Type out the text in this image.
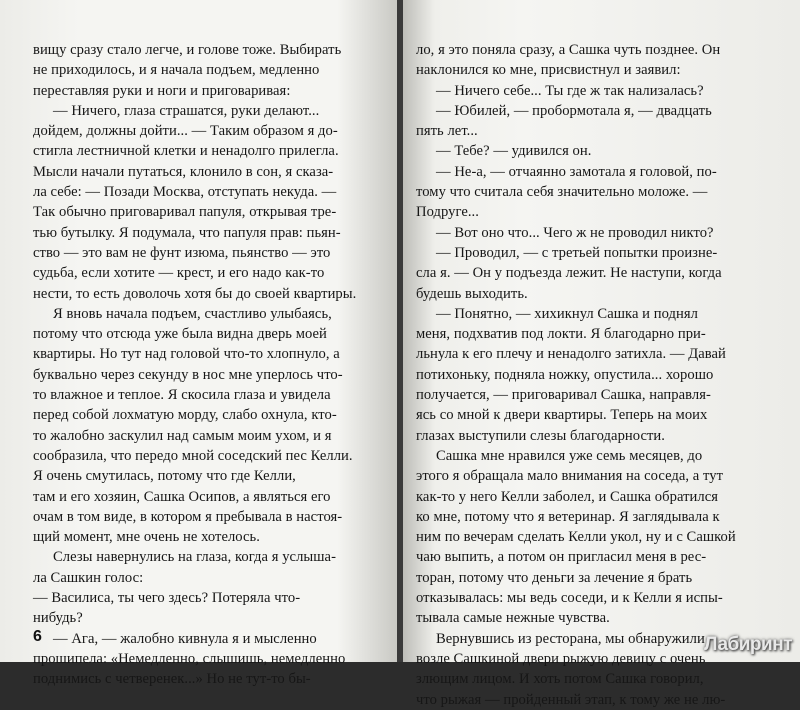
вищу сразу стало легче, и голове тоже. Выбирать
не приходилось, и я начала подъем, медленно
переставляя руки и ноги и приговаривая:
— Ничего, глаза страшатся, руки делают...
дойдем, должны дойти... — Таким образом я до-
стигла лестничной клетки и ненадолго прилегла.
Мысли начали путаться, клонило в сон, я сказа-
ла себе: — Позади Москва, отступать некуда. —
Так обычно приговаривал папуля, открывая тре-
тью бутылку. Я подумала, что папуля прав: пьян-
ство — это вам не фунт изюма, пьянство — это
судьба, если хотите — крест, и его надо как-то
нести, то есть доволочь хотя бы до своей квартиры.
Я вновь начала подъем, счастливо улыбаясь,
потому что отсюда уже была видна дверь моей
квартиры. Но тут над головой что-то хлопнуло, а
буквально через секунду в нос мне уперлось что-
то влажное и теплое. Я скосила глаза и увидела
перед собой лохматую морду, слабо охнула, кто-
то жалобно заскулил над самым моим ухом, и я
сообразила, что передо мной соседский пес Келли.
Я очень смутилась, потому что где Келли,
там и его хозяин, Сашка Осипов, а являться его
очам в том виде, в котором я пребывала в настоя-
щий момент, мне очень не хотелось.
Слезы навернулись на глаза, когда я услыша-
ла Сашкин голос:
— Василиса, ты чего здесь? Потеряла что-
нибудь?
— Ага, — жалобно кивнула я и мысленно
прошипела: «Немедленно, слышишь, немедленно
поднимись с четверенек...» Но не тут-то бы-
6
ло, я это поняла сразу, а Сашка чуть позднее. Он
наклонился ко мне, присвистнул и заявил:
— Ничего себе... Ты где ж так нализалась?
— Юбилей, — пробормотала я, — двадцать
пять лет...
— Тебе? — удивился он.
— Не-а, — отчаянно замотала я головой, по-
тому что считала себя значительно моложе. —
Подруге...
— Вот оно что... Чего ж не проводил никто?
— Проводил, — с третьей попытки произне-
сла я. — Он у подъезда лежит. Не наступи, когда
будешь выходить.
— Понятно, — хихикнул Сашка и поднял
меня, подхватив под локти. Я благодарно при-
льнула к его плечу и ненадолго затихла. — Давай
потихоньку, подняла ножку, опустила... хорошо
получается, — приговаривал Сашка, направля-
ясь со мной к двери квартиры. Теперь на моих
глазах выступили слезы благодарности.
Сашка мне нравился уже семь месяцев, до
этого я обращала мало внимания на соседа, а тут
как-то у него Келли заболел, и Сашка обратился
ко мне, потому что я ветеринар. Я заглядывала к
ним по вечерам сделать Келли укол, ну и с Сашкой
чаю выпить, а потом он пригласил меня в рес-
торан, потому что деньги за лечение я брать
отказывалась: мы ведь соседи, и к Келли я испы-
тывала самые нежные чувства.
Вернувшись из ресторана, мы обнаружили
возле Сашкиной двери рыжую девицу с очень
злющим лицом. И хоть потом Сашка говорил,
что рыжая — пройденный этап, к тому же не лю-
Лабиринт
